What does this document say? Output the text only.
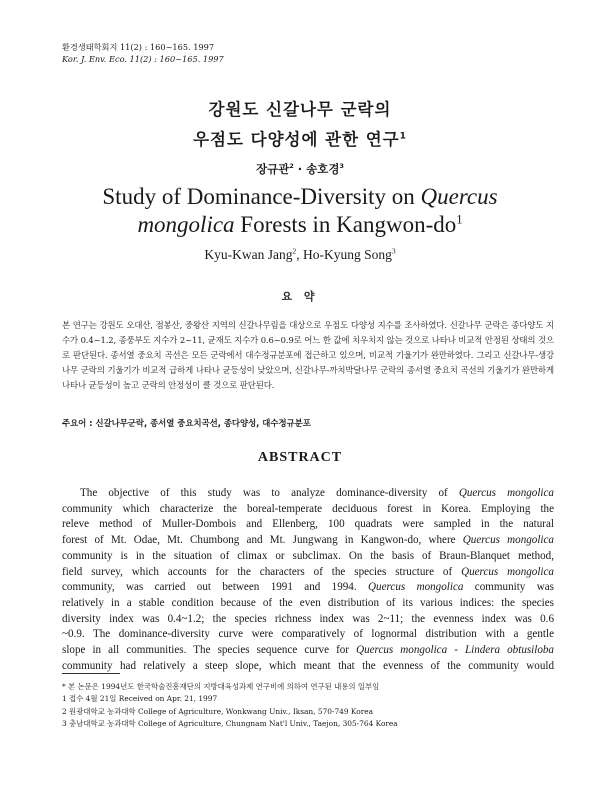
환경생태학회지 11(2) : 160~165. 1997
Kor. J. Env. Eco. 11(2) : 160~165. 1997
강원도 신갈나무 군락의
우점도 다양성에 관한 연구$^1$
장규관$^2$ · 송호경$^3$
Study of Dominance-Diversity on Quercus
mongolica Forests in Kangwon-$do^1$
Kyu-Kwan Jang$^2$, Ho-Kyung Song$^3$
요 약
본 연구는 강원도 오대산, 점봉산, 중왕산 지역의 신갈나무림을 대상으로 우점도 다양성 지수를 조사하였다. 신갈나무 군락은 종다양도 지수가 0.4~1.2, 종풍부도 지수가 2~11, 균재도 지수가 0.6~0.9로 어느 한 값에 치우치지 않는 것으로 나타나 비교적 안정된 상태의 것으로 판단된다. 종서열 중요치 곡선은 모든 군락에서 대수정규분포에 접근하고 있으며, 비교적 기울기가 완만하였다. 그리고 신갈나무-생강나무 군락의 기울기가 비교적 급하게 나타나 균등성이 낮았으며, 신갈나무-까치박달나무 군락의 종서열 중요치 곡선의 기울기가 완만하게 나타나 균등성이 높고 군락의 안정성이 클 것으로 판단된다.
주요어 : 신갈나무군락, 종서열 중요치곡선, 종다양성, 대수정규분포
ABSTRACT
The objective of this study was to analyze dominance-diversity of Quercus mongolica
community which characterize the boreal-temperate deciduous forest in Korea. Employing the
releve method of Muller-Dombois and Ellenberg, 100 quadrats were sampled in the natural
forest of Mt. Odae, Mt. Chumbong and Mt. Jungwang in Kangwon-do, where Quercus mongolica
community is in the situation of climax or subclimax. On the basis of Braun-Blanquet method,
field survey, which accounts for the characters of the species structure of Quercus mongolica
community, was carried out between 1991 and 1994. Quercus mongolica community was
relatively in a stable condition because of the even distribution of its various indices: the species
diversity index was 0.4~1.2; the species richness index was 2~11; the evenness index was 0.6
~0.9. The dominance-diversity curve were comparatively of lognormal distribution with a gentle
slope in all communities. The species sequence curve for Quercus mongolica - Lindera obtusiloba
community had relatively a steep slope, which meant that the evenness of the community would
* 본 논문은 1994년도 한국학술진흥재단의 지방대육성과제 연구비에 의하여 연구된 내용의 일부임
1 접수 4월 21일 Received on Apr. 21, 1997
2 원광대학교 농과대학 College of Agriculture, Wonkwang Univ., Iksan, 570-749 Korea
3 충남대학교 농과대학 College of Agriculture, Chungnam Nat'l Univ., Taejon, 305-764 Korea
